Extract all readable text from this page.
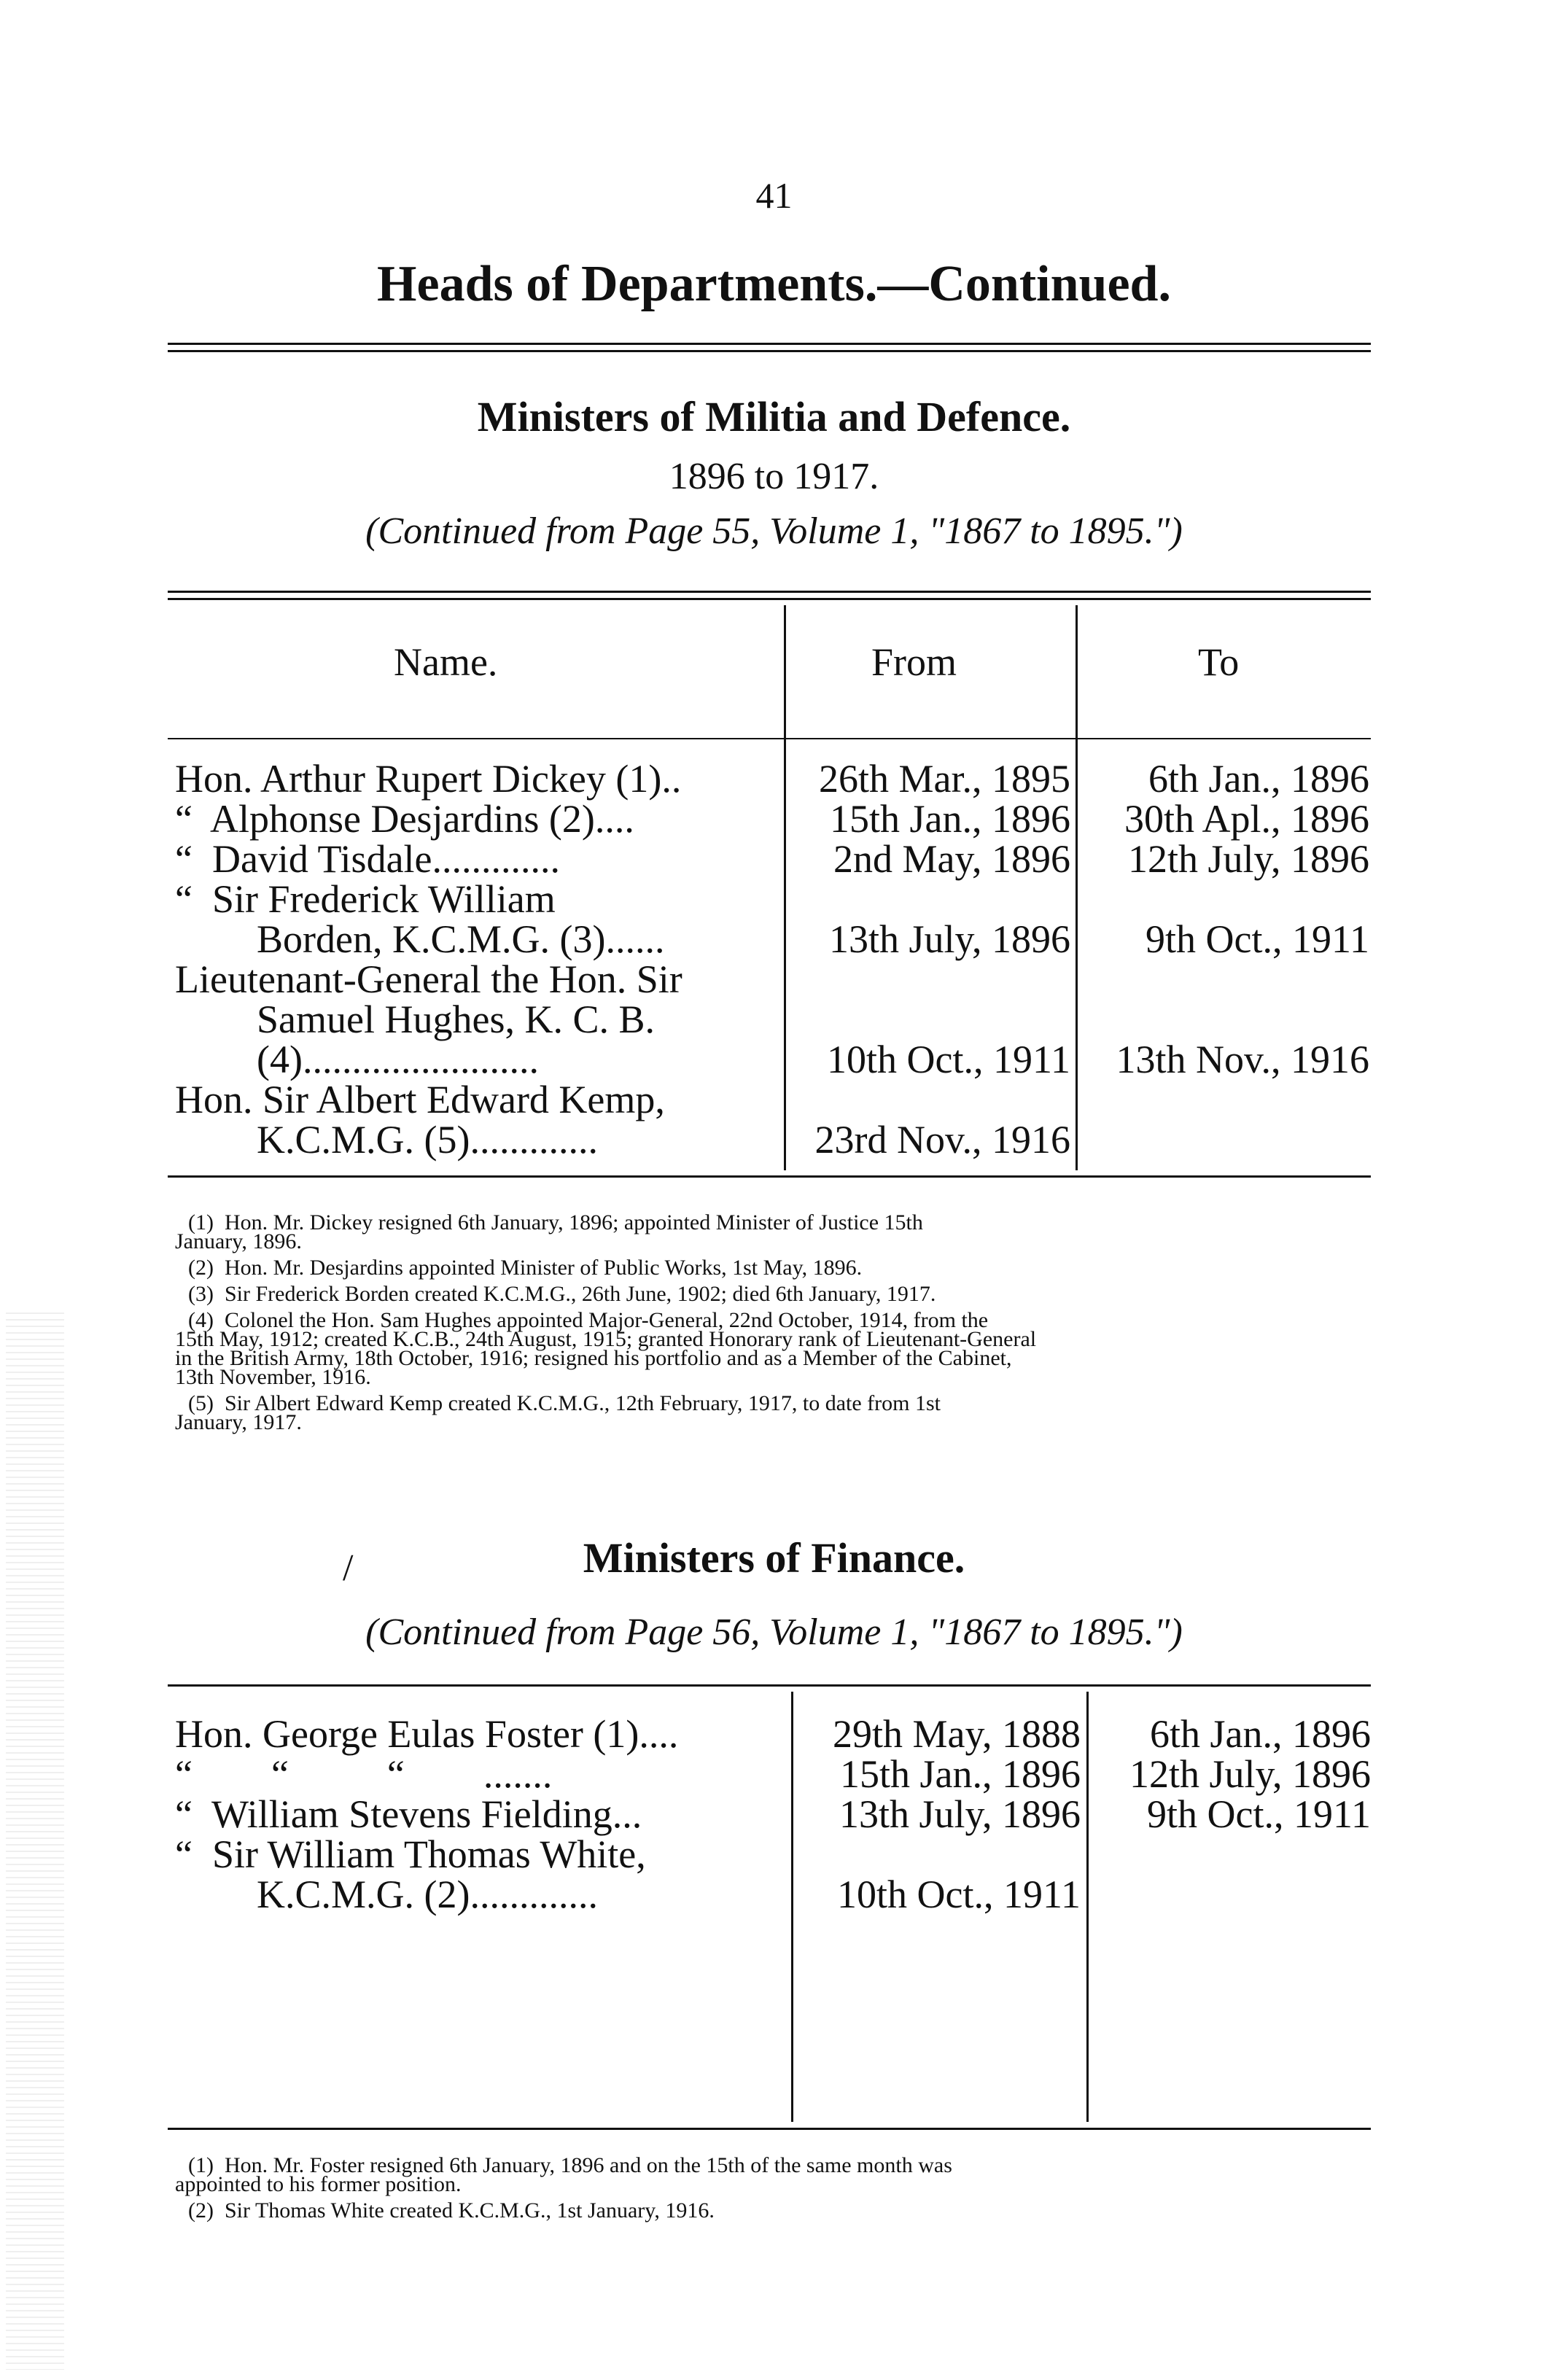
41
Heads of Departments.—Continued.
Ministers of Militia and Defence.
1896 to 1917.
(Continued from Page 55, Volume 1, "1867 to 1895.")
Name.	From	To
Hon. Arthur Rupert Dickey (1)..	26th Mar., 1895	6th Jan., 1896
“  Alphonse Desjardins (2)....	15th Jan., 1896	30th Apl., 1896
“  David Tisdale.............	2nd May, 1896	12th July, 1896
“  Sir Frederick William
Borden, K.C.M.G. (3)......	13th July, 1896	9th Oct., 1911
Lieutenant-General the Hon. Sir
Samuel Hughes, K. C. B.
(4)........................	10th Oct., 1911	13th Nov., 1916
Hon. Sir Albert Edward Kemp,
K.C.M.G. (5).............	23rd Nov., 1916
(1)  Hon. Mr. Dickey resigned 6th January, 1896; appointed Minister of Justice 15th
January, 1896.
(2)  Hon. Mr. Desjardins appointed Minister of Public Works, 1st May, 1896.
(3)  Sir Frederick Borden created K.C.M.G., 26th June, 1902; died 6th January, 1917.
(4)  Colonel the Hon. Sam Hughes appointed Major-General, 22nd October, 1914, from the
15th May, 1912; created K.C.B., 24th August, 1915; granted Honorary rank of Lieutenant-General
in the British Army, 18th October, 1916; resigned his portfolio and as a Member of the Cabinet,
13th November, 1916.
(5)  Sir Albert Edward Kemp created K.C.M.G., 12th February, 1917, to date from 1st
January, 1917.
/	Ministers of Finance.
(Continued from Page 56, Volume 1, "1867 to 1895.")
Hon. George Eulas Foster (1)....	29th May, 1888	6th Jan., 1896
“        “          “        .......	15th Jan., 1896	12th July, 1896
“  William Stevens Fielding...	13th July, 1896	9th Oct., 1911
“  Sir William Thomas White,
K.C.M.G. (2).............	10th Oct., 1911
(1)  Hon. Mr. Foster resigned 6th January, 1896 and on the 15th of the same month was
appointed to his former position.
(2)  Sir Thomas White created K.C.M.G., 1st January, 1916.
